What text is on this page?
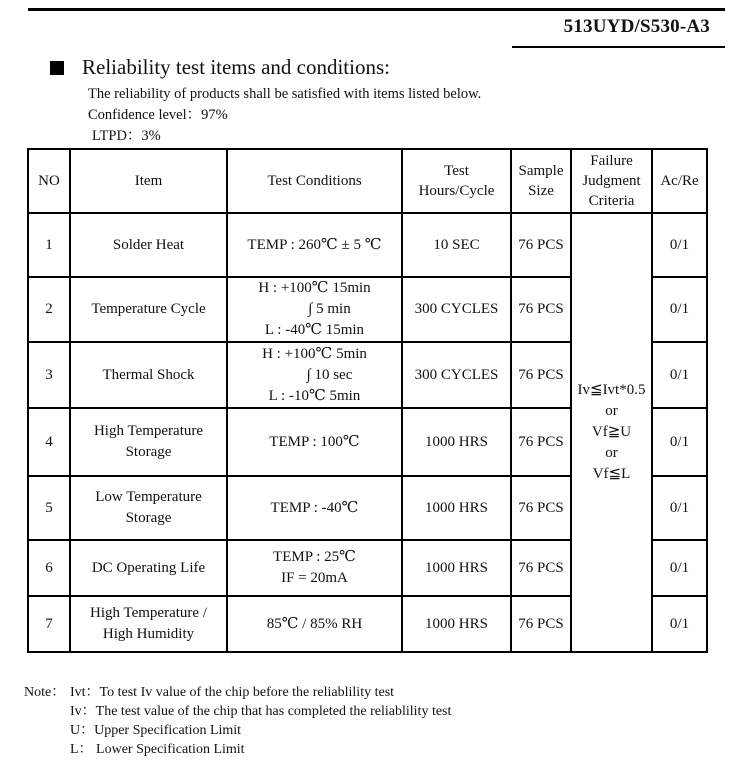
513UYD/S530-A3
Reliability test items and conditions:
The reliability of products shall be satisfied with items listed below.
Confidence level：97%
LTPD：3%
NO	Item	Test Conditions	Test
Hours/Cycle	Sample
Size	Failure
Judgment
Criteria	Ac/Re
1	Solder Heat	TEMP : 260℃ ± 5 ℃	10 SEC	76 PCS	Iv≦Ivt*0.5
or
Vf≧U
or
Vf≦L	0/1
2	Temperature Cycle	H : +100℃ 15min
∫ 5 min
L : -40℃ 15min	300 CYCLES	76 PCS		0/1
3	Thermal Shock	H : +100℃ 5min
∫ 10 sec
L : -10℃ 5min	300 CYCLES	76 PCS		0/1
4	High Temperature
Storage	TEMP : 100℃	1000 HRS	76 PCS		0/1
5	Low Temperature
Storage	TEMP : -40℃	1000 HRS	76 PCS		0/1
6	DC Operating Life	TEMP : 25℃
IF = 20mA	1000 HRS	76 PCS		0/1
7	High Temperature /
High Humidity	85℃ / 85% RH	1000 HRS	76 PCS		0/1
Note： Ivt：To test Iv value of the chip before the reliablility test
Iv：The test value of the chip that has completed the reliablility test
U：Upper Specification Limit
L： Lower Specification Limit
